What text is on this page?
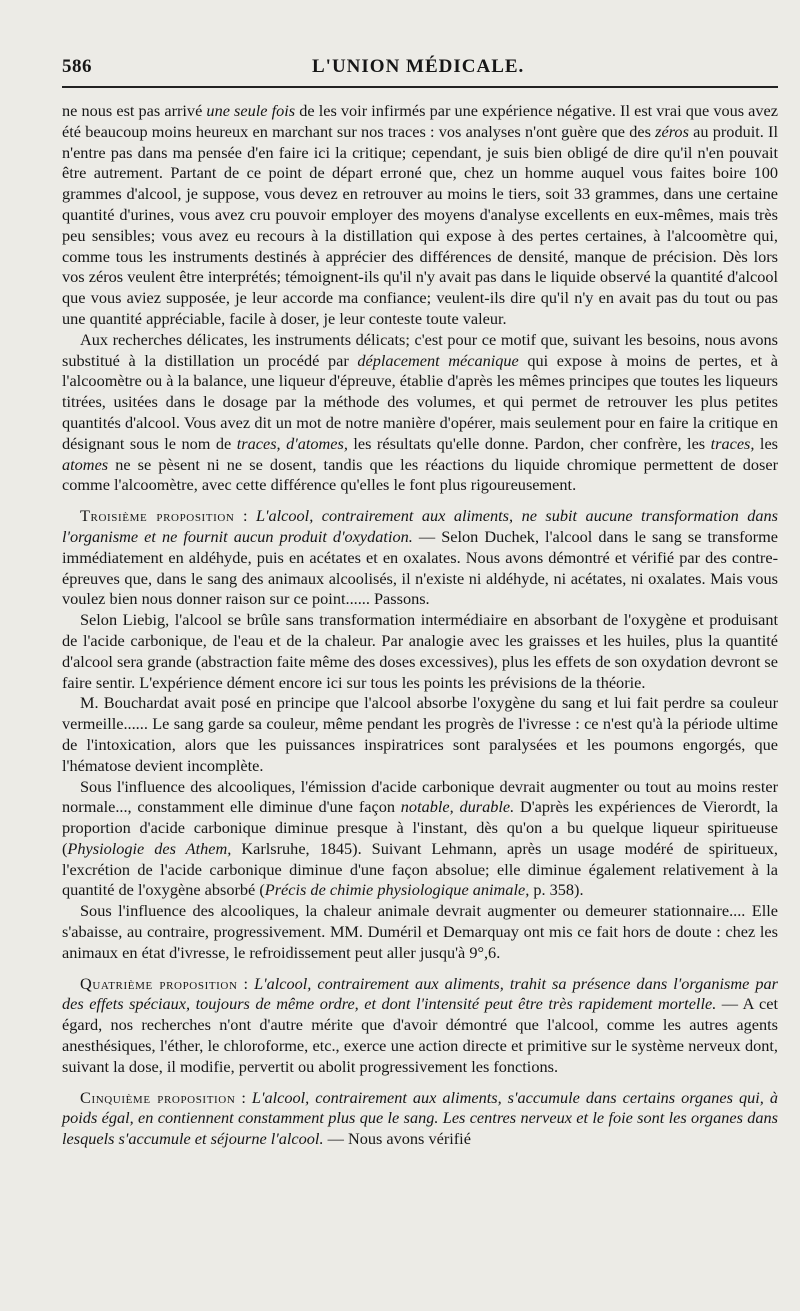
586	L'UNION MÉDICALE.

ne nous est pas arrivé une seule fois de les voir infirmés par une expérience négative. Il est vrai que vous avez été beaucoup moins heureux en marchant sur nos traces : vos analyses n'ont guère que des zéros au produit. Il n'entre pas dans ma pensée d'en faire ici la critique; cependant, je suis bien obligé de dire qu'il n'en pouvait être autrement. Partant de ce point de départ erroné que, chez un homme auquel vous faites boire 100 grammes d'alcool, je suppose, vous devez en retrouver au moins le tiers, soit 33 grammes, dans une certaine quantité d'urines, vous avez cru pouvoir employer des moyens d'analyse excellents en eux-mêmes, mais très peu sensibles; vous avez eu recours à la distillation qui expose à des pertes certaines, à l'alcoomètre qui, comme tous les instruments destinés à apprécier des différences de densité, manque de précision. Dès lors vos zéros veulent être interprétés; témoignent-ils qu'il n'y avait pas dans le liquide observé la quantité d'alcool que vous aviez supposée, je leur accorde ma confiance; veulent-ils dire qu'il n'y en avait pas du tout ou pas une quantité appréciable, facile à doser, je leur conteste toute valeur.

Aux recherches délicates, les instruments délicats; c'est pour ce motif que, suivant les besoins, nous avons substitué à la distillation un procédé par déplacement mécanique qui expose à moins de pertes, et à l'alcoomètre ou à la balance, une liqueur d'épreuve, établie d'après les mêmes principes que toutes les liqueurs titrées, usitées dans le dosage par la méthode des volumes, et qui permet de retrouver les plus petites quantités d'alcool. Vous avez dit un mot de notre manière d'opérer, mais seulement pour en faire la critique en désignant sous le nom de traces, d'atomes, les résultats qu'elle donne. Pardon, cher confrère, les traces, les atomes ne se pèsent ni ne se dosent, tandis que les réactions du liquide chromique permettent de doser comme l'alcoomètre, avec cette différence qu'elles le font plus rigoureusement.

Troisième proposition : L'alcool, contrairement aux aliments, ne subit aucune transformation dans l'organisme et ne fournit aucun produit d'oxydation. — Selon Duchek, l'alcool dans le sang se transforme immédiatement en aldéhyde, puis en acétates et en oxalates. Nous avons démontré et vérifié par des contre-épreuves que, dans le sang des animaux alcoolisés, il n'existe ni aldéhyde, ni acétates, ni oxalates. Mais vous voulez bien nous donner raison sur ce point...... Passons.

Selon Liebig, l'alcool se brûle sans transformation intermédiaire en absorbant de l'oxygène et produisant de l'acide carbonique, de l'eau et de la chaleur. Par analogie avec les graisses et les huiles, plus la quantité d'alcool sera grande (abstraction faite même des doses excessives), plus les effets de son oxydation devront se faire sentir. L'expérience dément encore ici sur tous les points les prévisions de la théorie.

M. Bouchardat avait posé en principe que l'alcool absorbe l'oxygène du sang et lui fait perdre sa couleur vermeille...... Le sang garde sa couleur, même pendant les progrès de l'ivresse : ce n'est qu'à la période ultime de l'intoxication, alors que les puissances inspiratrices sont paralysées et les poumons engorgés, que l'hématose devient incomplète.

Sous l'influence des alcooliques, l'émission d'acide carbonique devrait augmenter ou tout au moins rester normale..., constamment elle diminue d'une façon notable, durable. D'après les expériences de Vierordt, la proportion d'acide carbonique diminue presque à l'instant, dès qu'on a bu quelque liqueur spiritueuse (Physiologie des Athem, Karlsruhe, 1845). Suivant Lehmann, après un usage modéré de spiritueux, l'excrétion de l'acide carbonique diminue d'une façon absolue; elle diminue également relativement à la quantité de l'oxygène absorbé (Précis de chimie physiologique animale, p. 358).

Sous l'influence des alcooliques, la chaleur animale devrait augmenter ou demeurer stationnaire.... Elle s'abaisse, au contraire, progressivement. MM. Duméril et Demarquay ont mis ce fait hors de doute : chez les animaux en état d'ivresse, le refroidissement peut aller jusqu'à 9°,6.

Quatrième proposition : L'alcool, contrairement aux aliments, trahit sa présence dans l'organisme par des effets spéciaux, toujours de même ordre, et dont l'intensité peut être très rapidement mortelle. — A cet égard, nos recherches n'ont d'autre mérite que d'avoir démontré que l'alcool, comme les autres agents anesthésiques, l'éther, le chloroforme, etc., exerce une action directe et primitive sur le système nerveux dont, suivant la dose, il modifie, pervertit ou abolit progressivement les fonctions.

Cinquième proposition : L'alcool, contrairement aux aliments, s'accumule dans certains organes qui, à poids égal, en contiennent constamment plus que le sang. Les centres nerveux et le foie sont les organes dans lesquels s'accumule et séjourne l'alcool. — Nous avons vérifié
